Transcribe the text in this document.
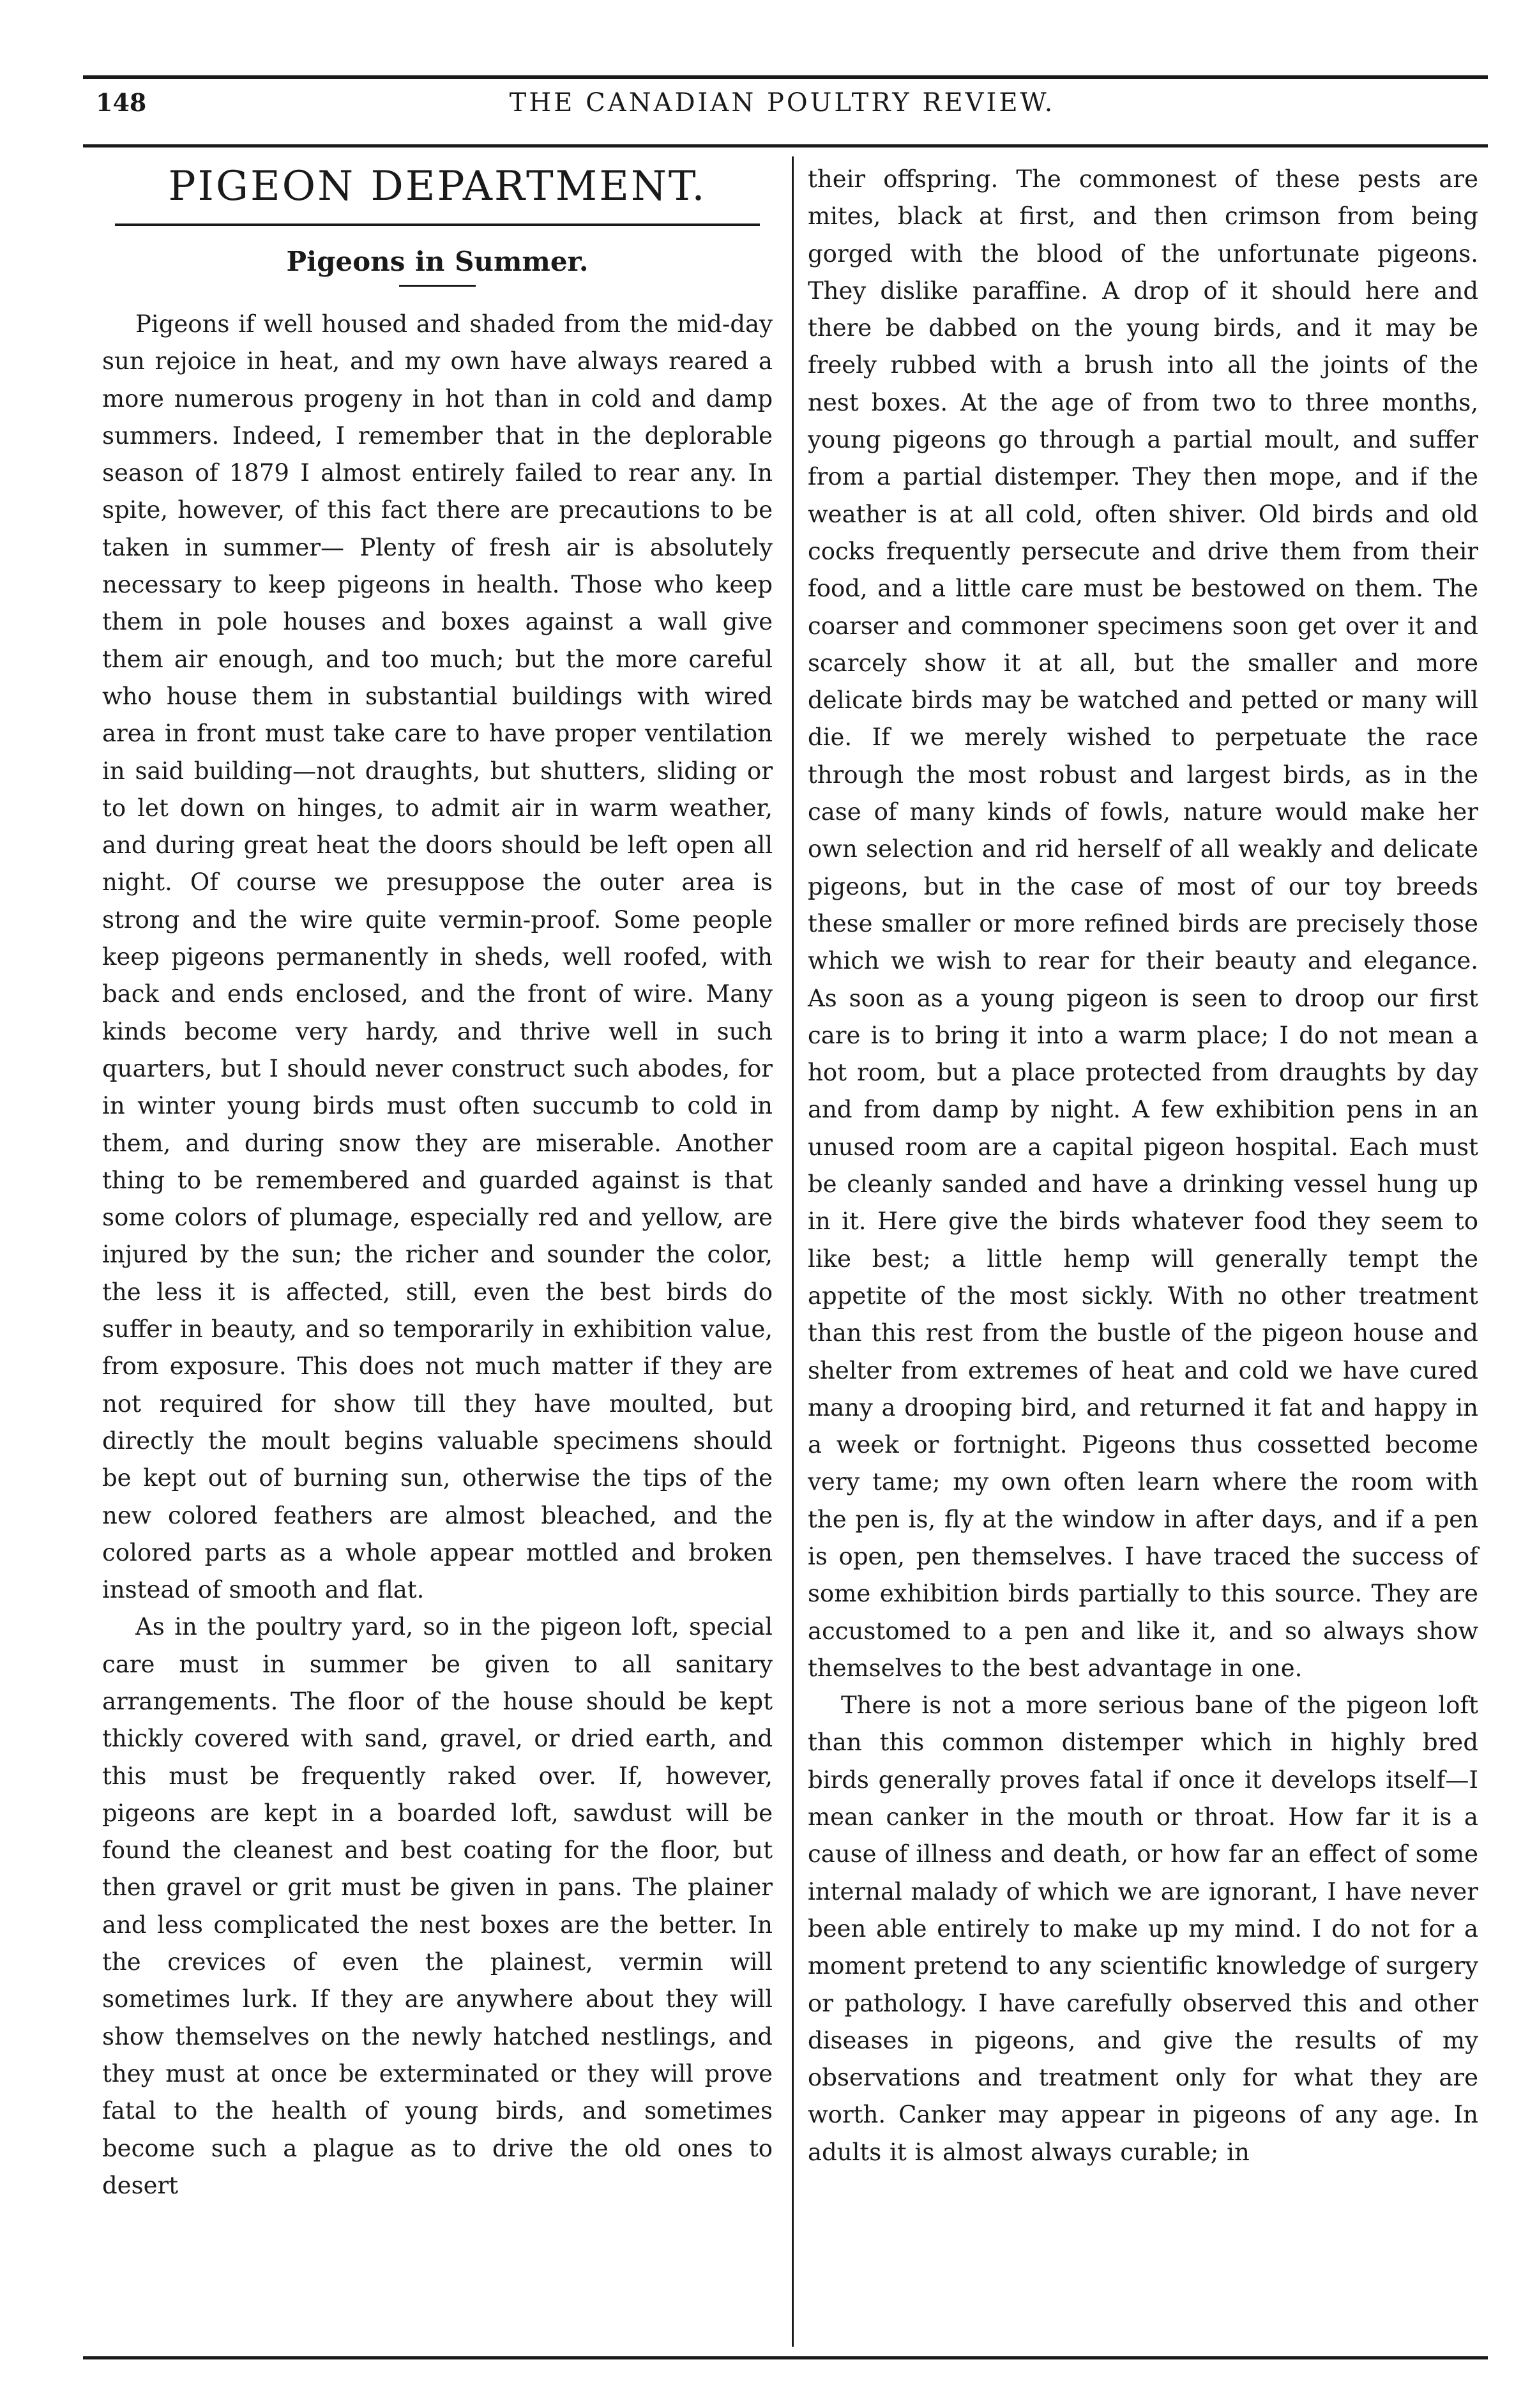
148	THE CANADIAN POULTRY REVIEW.
PIGEON DEPARTMENT.
Pigeons in Summer.

Pigeons if well housed and shaded from the mid-day sun rejoice in heat, and my own have always reared a more numerous progeny in hot than in cold and damp summers. Indeed, I remember that in the deplorable season of 1879 I almost entirely failed to rear any. In spite, however, of this fact there are precautions to be taken in summer— Plenty of fresh air is absolutely necessary to keep pigeons in health. Those who keep them in pole houses and boxes against a wall give them air enough, and too much; but the more careful who house them in substantial buildings with wired area in front must take care to have proper ventilation in said building—not draughts, but shutters, sliding or to let down on hinges, to admit air in warm weather, and during great heat the doors should be left open all night. Of course we presuppose the outer area is strong and the wire quite vermin-proof. Some people keep pigeons permanently in sheds, well roofed, with back and ends enclosed, and the front of wire. Many kinds become very hardy, and thrive well in such quarters, but I should never construct such abodes, for in winter young birds must often succumb to cold in them, and during snow they are miserable. Another thing to be remembered and guarded against is that some colors of plumage, especially red and yellow, are injured by the sun; the richer and sounder the color, the less it is affected, still, even the best birds do suffer in beauty, and so temporarily in exhibition value, from exposure. This does not much matter if they are not required for show till they have moulted, but directly the moult begins valuable specimens should be kept out of burning sun, otherwise the tips of the new colored feathers are almost bleached, and the colored parts as a whole appear mottled and broken instead of smooth and flat.

As in the poultry yard, so in the pigeon loft, special care must in summer be given to all sanitary arrangements. The floor of the house should be kept thickly covered with sand, gravel, or dried earth, and this must be frequently raked over. If, however, pigeons are kept in a boarded loft, sawdust will be found the cleanest and best coating for the floor, but then gravel or grit must be given in pans. The plainer and less complicated the nest boxes are the better. In the crevices of even the plainest, vermin will sometimes lurk. If they are anywhere about they will show themselves on the newly hatched nestlings, and they must at once be exterminated or they will prove fatal to the health of young birds, and sometimes become such a plague as to drive the old ones to desert

their offspring. The commonest of these pests are mites, black at first, and then crimson from being gorged with the blood of the unfortunate pigeons. They dislike paraffine. A drop of it should here and there be dabbed on the young birds, and it may be freely rubbed with a brush into all the joints of the nest boxes. At the age of from two to three months, young pigeons go through a partial moult, and suffer from a partial distemper. They then mope, and if the weather is at all cold, often shiver. Old birds and old cocks frequently persecute and drive them from their food, and a little care must be bestowed on them. The coarser and commoner specimens soon get over it and scarcely show it at all, but the smaller and more delicate birds may be watched and petted or many will die. If we merely wished to perpetuate the race through the most robust and largest birds, as in the case of many kinds of fowls, nature would make her own selection and rid herself of all weakly and delicate pigeons, but in the case of most of our toy breeds these smaller or more refined birds are precisely those which we wish to rear for their beauty and elegance. As soon as a young pigeon is seen to droop our first care is to bring it into a warm place; I do not mean a hot room, but a place protected from draughts by day and from damp by night. A few exhibition pens in an unused room are a capital pigeon hospital. Each must be cleanly sanded and have a drinking vessel hung up in it. Here give the birds whatever food they seem to like best; a little hemp will generally tempt the appetite of the most sickly. With no other treatment than this rest from the bustle of the pigeon house and shelter from extremes of heat and cold we have cured many a drooping bird, and returned it fat and happy in a week or fortnight. Pigeons thus cossetted become very tame; my own often learn where the room with the pen is, fly at the window in after days, and if a pen is open, pen themselves. I have traced the success of some exhibition birds partially to this source. They are accustomed to a pen and like it, and so always show themselves to the best advantage in one.

There is not a more serious bane of the pigeon loft than this common distemper which in highly bred birds generally proves fatal if once it develops itself—I mean canker in the mouth or throat. How far it is a cause of illness and death, or how far an effect of some internal malady of which we are ignorant, I have never been able entirely to make up my mind. I do not for a moment pretend to any scientific knowledge of surgery or pathology. I have carefully observed this and other diseases in pigeons, and give the results of my observations and treatment only for what they are worth. Canker may appear in pigeons of any age. In adults it is almost always curable; in
